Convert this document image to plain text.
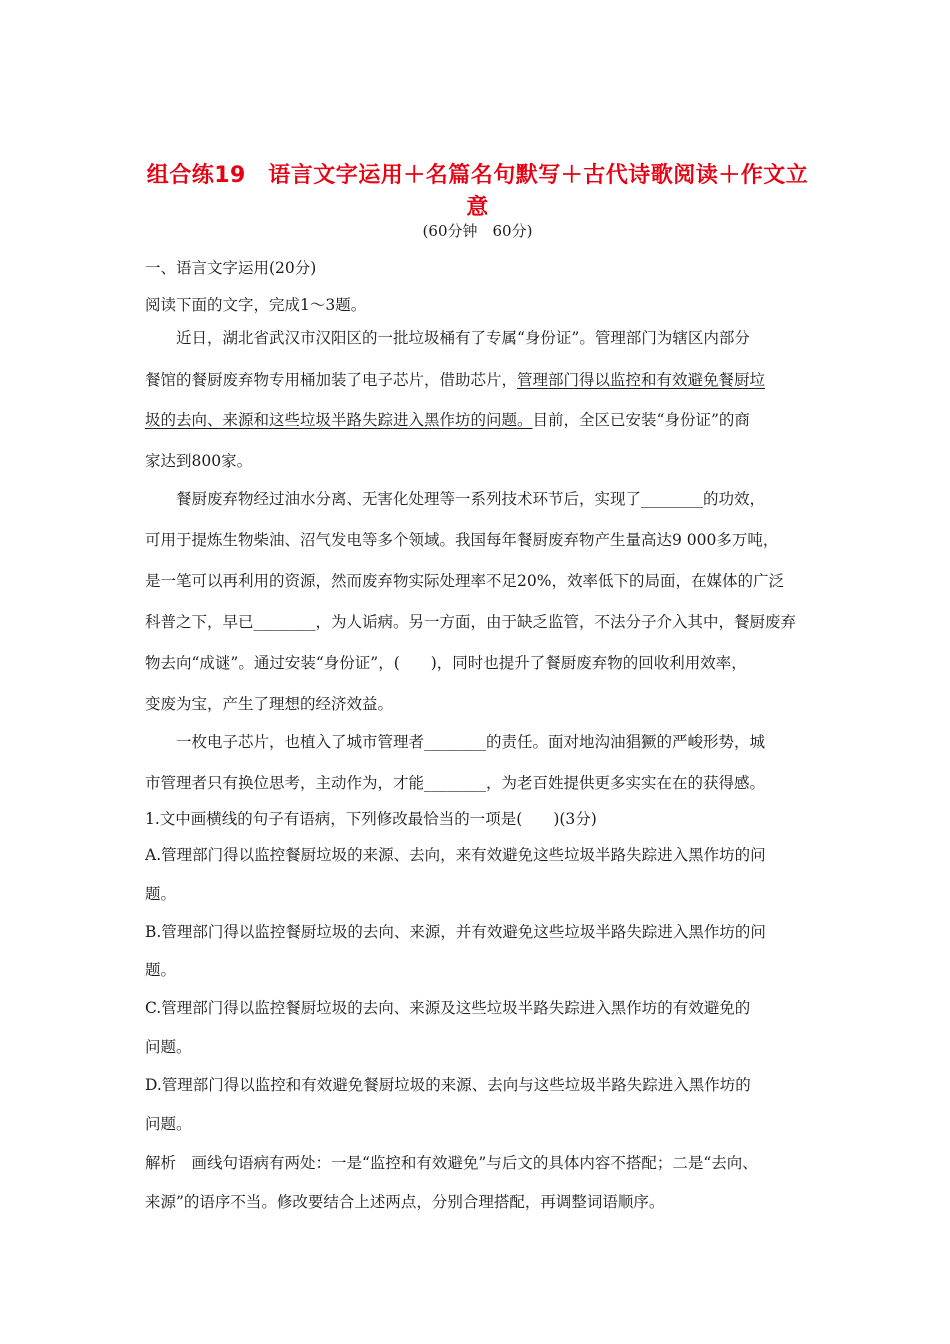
组合练19　语言文字运用＋名篇名句默写＋古代诗歌阅读＋作文立
意
(60分钟　60分)
一、语言文字运用(20分)
阅读下面的文字，完成1～3题。
近日，湖北省武汉市汉阳区的一批垃圾桶有了专属“身份证”。管理部门为辖区内部分
餐馆的餐厨废弃物专用桶加装了电子芯片，借助芯片，管理部门得以监控和有效避免餐厨垃
圾的去向、来源和这些垃圾半路失踪进入黑作坊的问题。目前，全区已安装“身份证”的商
家达到800家。
餐厨废弃物经过油水分离、无害化处理等一系列技术环节后，实现了________的功效，
可用于提炼生物柴油、沼气发电等多个领域。我国每年餐厨废弃物产生量高达9 000多万吨，
是一笔可以再利用的资源，然而废弃物实际处理率不足20%，效率低下的局面，在媒体的广泛
科普之下，早已________，为人诟病。另一方面，由于缺乏监管，不法分子介入其中，餐厨废弃
物去向“成谜”。通过安装“身份证”，(　　)，同时也提升了餐厨废弃物的回收利用效率，
变废为宝，产生了理想的经济效益。
一枚电子芯片，也植入了城市管理者________的责任。面对地沟油猖獗的严峻形势，城
市管理者只有换位思考，主动作为，才能________，为老百姓提供更多实实在在的获得感。
1.文中画横线的句子有语病，下列修改最恰当的一项是(　　)(3分)
A.管理部门得以监控餐厨垃圾的来源、去向，来有效避免这些垃圾半路失踪进入黑作坊的问
题。
B.管理部门得以监控餐厨垃圾的去向、来源，并有效避免这些垃圾半路失踪进入黑作坊的问
题。
C.管理部门得以监控餐厨垃圾的去向、来源及这些垃圾半路失踪进入黑作坊的有效避免的
问题。
D.管理部门得以监控和有效避免餐厨垃圾的来源、去向与这些垃圾半路失踪进入黑作坊的
问题。
解析　画线句语病有两处：一是“监控和有效避免”与后文的具体内容不搭配；二是“去向、
来源”的语序不当。修改要结合上述两点，分别合理搭配，再调整词语顺序。
